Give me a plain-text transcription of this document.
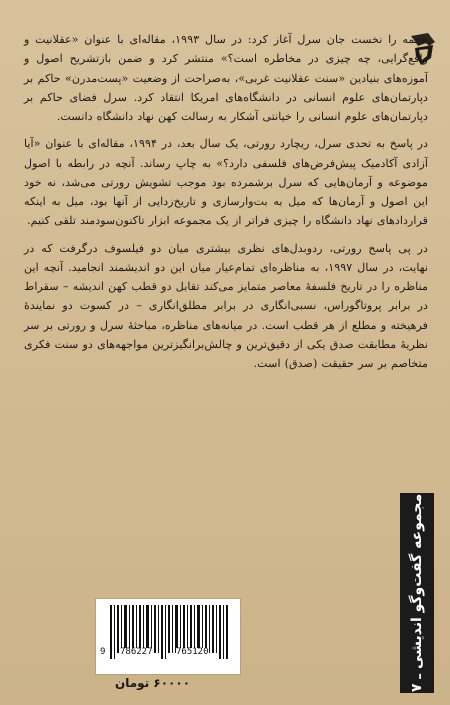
هجمه را نخست جان سرل آغاز کرد: در سال ۱۹۹۳، مقاله‌ای با عنوان «عقلانیت و واقع‌گرایی، چه چیزی در مخاطره است؟» منتشر کرد و ضمن بازتشریح اصول و آموزه‌های بنیادین «سنت عقلانیت غربی»، به‌صراحت از وضعیت «پست‌مدرن» حاکم بر دپارتمان‌های علوم انسانی در دانشگاه‌های امریکا انتقاد کرد. سرل فضای حاکم بر دپارتمان‌های علوم انسانی را خیانتی آشکار به رسالت کهن نهاد دانشگاه دانست.

در پاسخ به تحدی سرل، ریچارد رورتی، یک سال بعد، در ۱۹۹۴، مقاله‌ای با عنوان «آیا آزادی آکادمیک پیش‌فرض‌های فلسفی دارد؟» به چاپ رساند. آنچه در رابطه با اصول موضوعه و آرمان‌هایی که سرل برشمرده بود موجب تشویش رورتی می‌شد، نه خود این اصول و آرمان‌ها که میل به بت‌وارسازی و تاریخ‌زدایی از آنها بود، میل به اینکه قراردادهای نهاد دانشگاه را چیزی فراتر از یک مجموعه ابزار تاکنون‌سودمند تلقی کنیم.

در پی پاسخ رورتی، ردوبدل‌های نظری بیشتری میان دو فیلسوف درگرفت که در نهایت، در سال ۱۹۹۷، به مناظره‌ای تمام‌عیار میان این دو اندیشمند انجامید. آنچه این مناظره را در تاریخ فلسفهٔ معاصر متمایز می‌کند تقابل دو قطب کهن اندیشه – سقراط در برابر پروتاگوراس، نسبی‌انگاری در برابر مطلق‌انگاری – در کسوت دو نمایندهٔ فرهیخته و مطلع از هر قطب است. در میانه‌های مناظره، مباحثهٔ سرل و رورتی بر سر نظریهٔ مطابقت صدق یکی از دقیق‌ترین و چالش‌برانگیزترین مواجهه‌های دو سنت فکری متخاصم بر سر حقیقت (صدق) است.

مجموعه گفت‌وگو اندیشی ـ ۷
9 786227	765120
۶۰۰۰۰ تومان
